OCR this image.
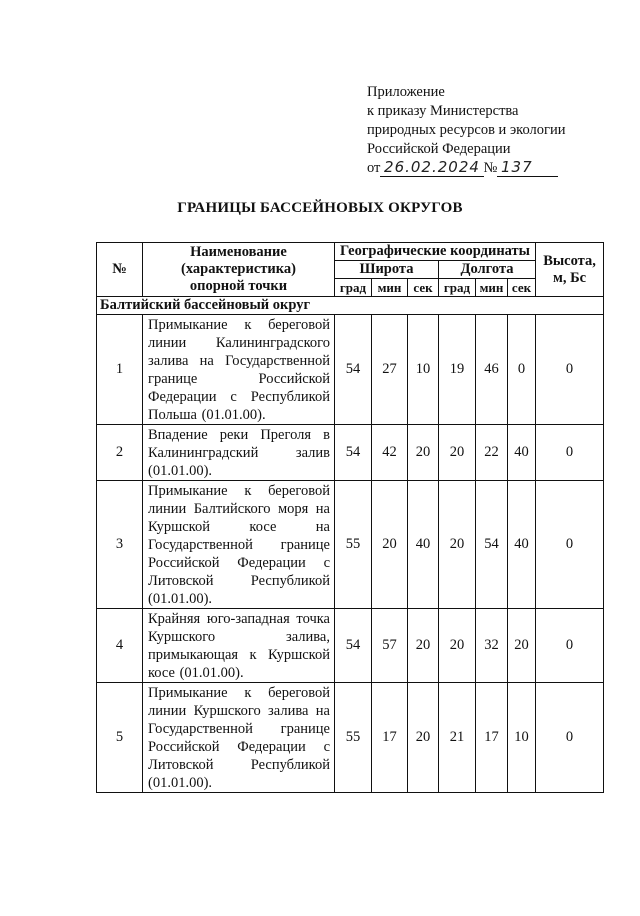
Приложение
к приказу Министерства
природных ресурсов и экологии
Российской Федерации
от 26.02.2024 № 137
ГРАНИЦЫ БАССЕЙНОВЫХ ОКРУГОВ
№	Наименование
(характеристика)
опорной точки	Географические координаты						Высота, м, Бс
		Широта			Долгота			
		град	мин	сек	град	мин	сек	
Балтийский бассейновый округ								
1	Примыкание к береговой линии Калининградского залива на Государственной границе Российской Федерации с Республикой Польша (01.01.00).	54	27	10	19	46	0	0
2	Впадение реки Преголя в Калининградский залив (01.01.00).	54	42	20	20	22	40	0
3	Примыкание к береговой линии Балтийского моря на Куршской косе на Государственной границе Российской Федерации с Литовской Республикой (01.01.00).	55	20	40	20	54	40	0
4	Крайняя юго-западная точка Куршского залива, примыкающая к Куршской косе (01.01.00).	54	57	20	20	32	20	0
5	Примыкание к береговой линии Куршского залива на Государственной границе Российской Федерации с Литовской Республикой (01.01.00).	55	17	20	21	17	10	0
